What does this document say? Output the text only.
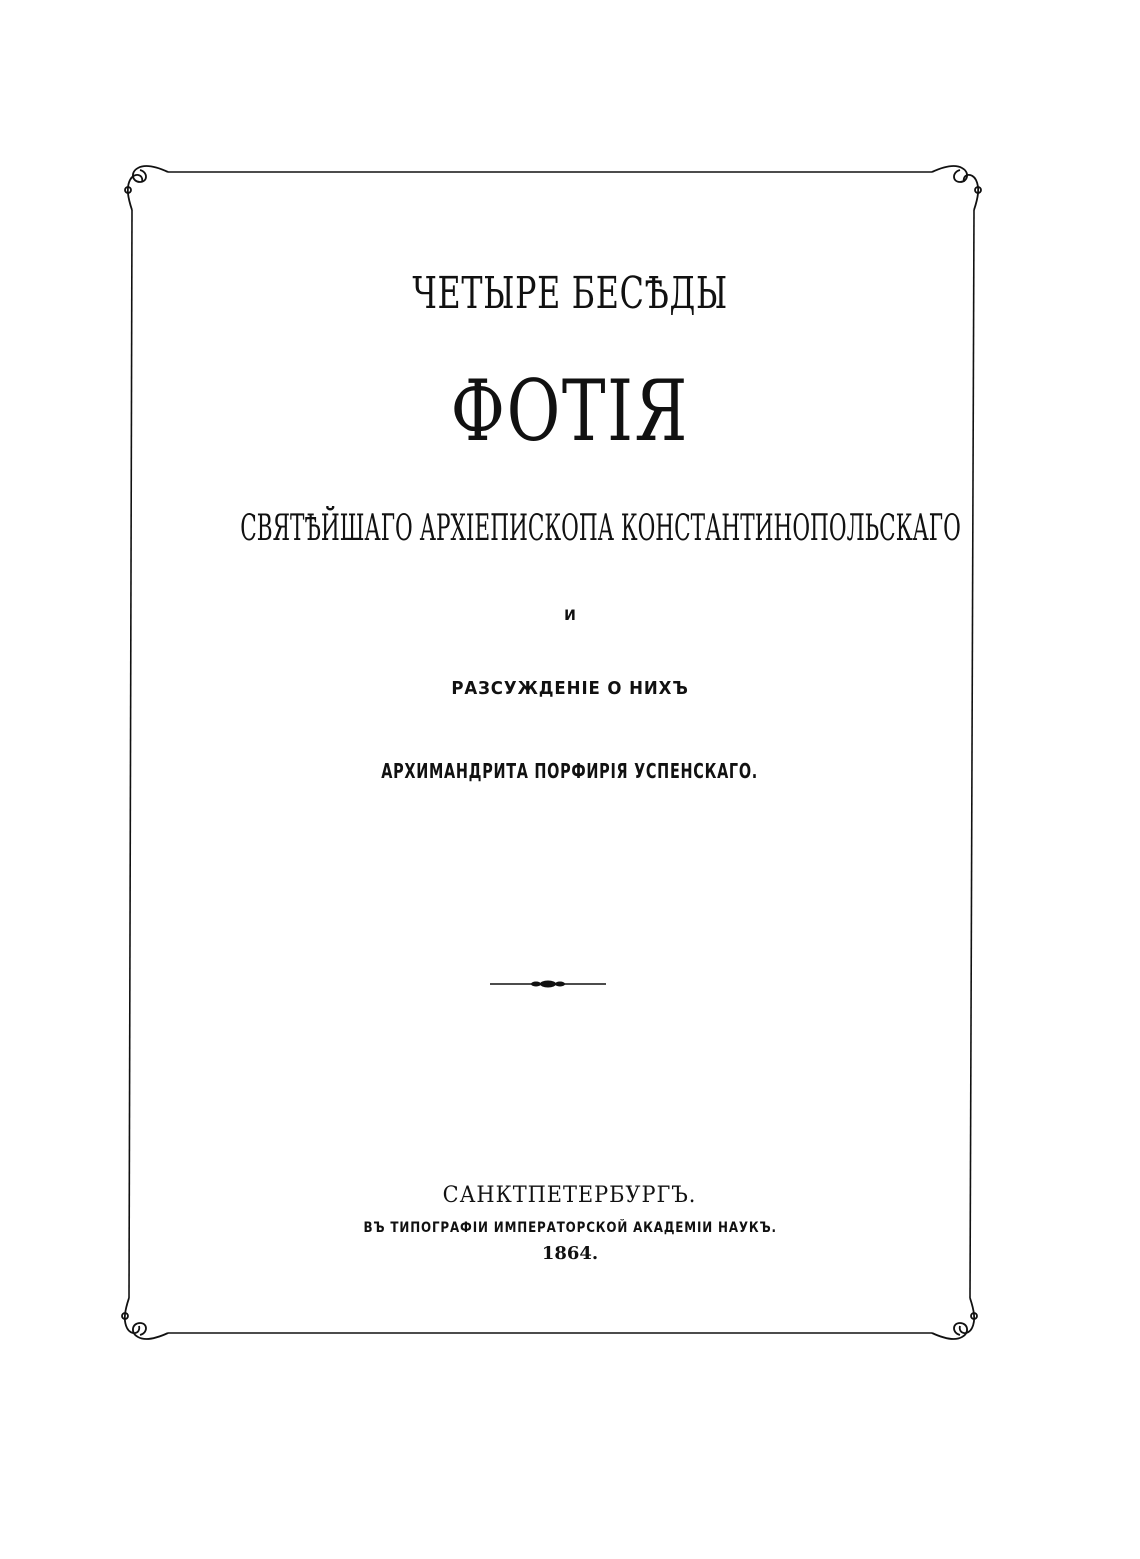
ЧЕТЫРЕ БЕСѢДЫ
ФОТІЯ
СВЯТѢЙШАГО АРХІЕПИСКОПА КОНСТАНТИНОПОЛЬСКАГО
И
РАЗСУЖДЕНІЕ О НИХЪ
АРХИМАНДРИТА ПОРФИРІЯ УСПЕНСКАГО.
САНКТПЕТЕРБУРГЪ.
ВЪ ТИПОГРАФІИ ИМПЕРАТОРСКОЙ АКАДЕМІИ НАУКЪ.
1864.
